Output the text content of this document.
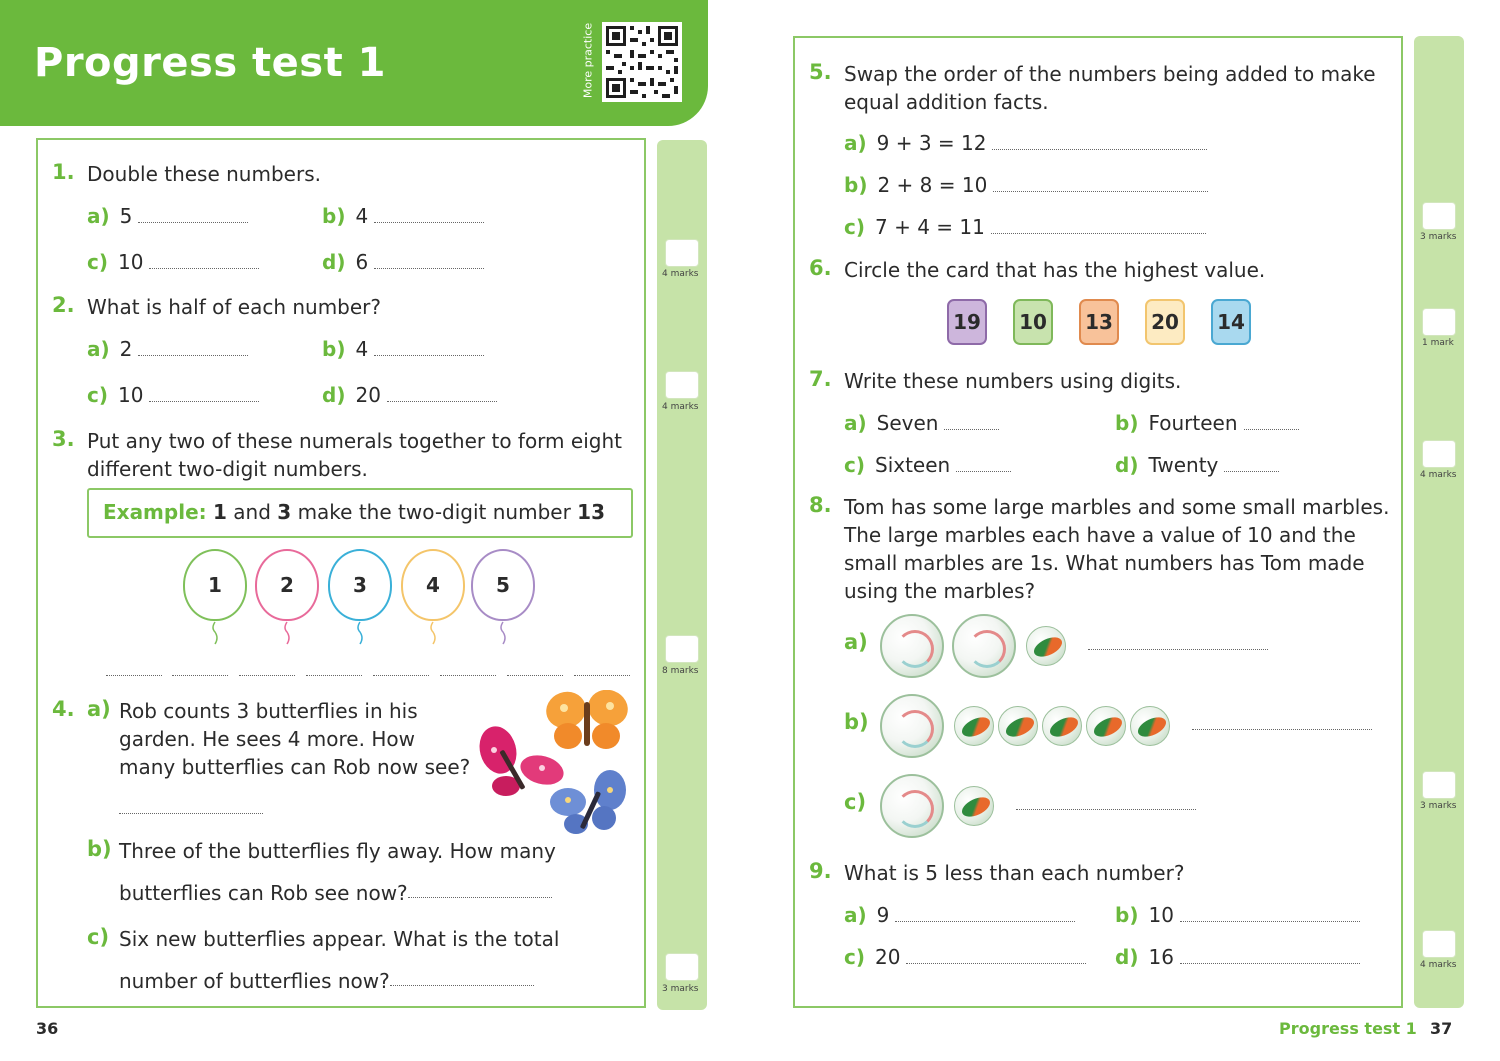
Progress test 1	More practice
1. Double these numbers.
a) 5	b) 4
c) 10	d) 6	4 marks
2. What is half of each number?
a) 2	b) 4
c) 10	d) 20	4 marks
3. Put any two of these numerals together to form eight different two-digit numbers.
Example: 1 and 3 make the two-digit number 13
1	2	3	4	5
8 marks
4. a) Rob counts 3 butterflies in his garden. He sees 4 more. How many butterflies can Rob now see?
b) Three of the butterflies fly away. How many
butterflies can Rob see now?
c) Six new butterflies appear. What is the total
number of butterflies now?	3 marks
36
5. Swap the order of the numbers being added to make equal addition facts.
a) 9 + 3 = 12
b) 2 + 8 = 10
c) 7 + 4 = 11	3 marks
6. Circle the card that has the highest value.
19	10	13	20	14
1 mark
7. Write these numbers using digits.
a) Seven	b) Fourteen
c) Sixteen	d) Twenty	4 marks
8. Tom has some large marbles and some small marbles. The large marbles each have a value of 10 and the small marbles are 1s. What numbers has Tom made using the marbles?
a)
b)
c)	3 marks
9. What is 5 less than each number?
a) 9	b) 10
c) 20	d) 16	4 marks
Progress test 1 37
